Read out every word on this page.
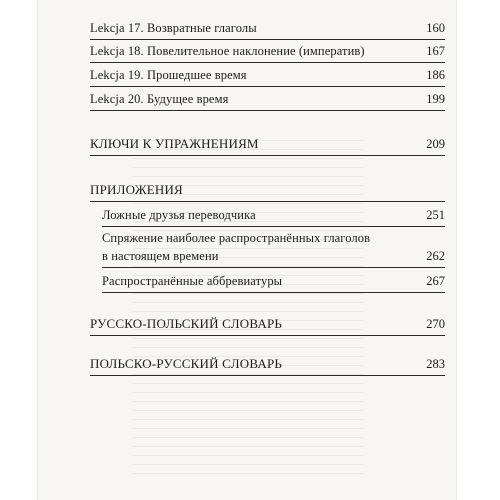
Lekcja 17. Возвратные глаголы	160
Lekcja 18. Повелительное наклонение (императив)	167
Lekcja 19. Прошедшее время	186
Lekcja 20. Будущее время	199
КЛЮЧИ К УПРАЖНЕНИЯМ	209
ПРИЛОЖЕНИЯ
Ложные друзья переводчика	251
Спряжение наиболее распространённых глаголов
в настоящем времени	262
Распространённые аббревиатуры	267
РУССКО-ПОЛЬСКИЙ СЛОВАРЬ	270
ПОЛЬСКО-РУССКИЙ СЛОВАРЬ	283
